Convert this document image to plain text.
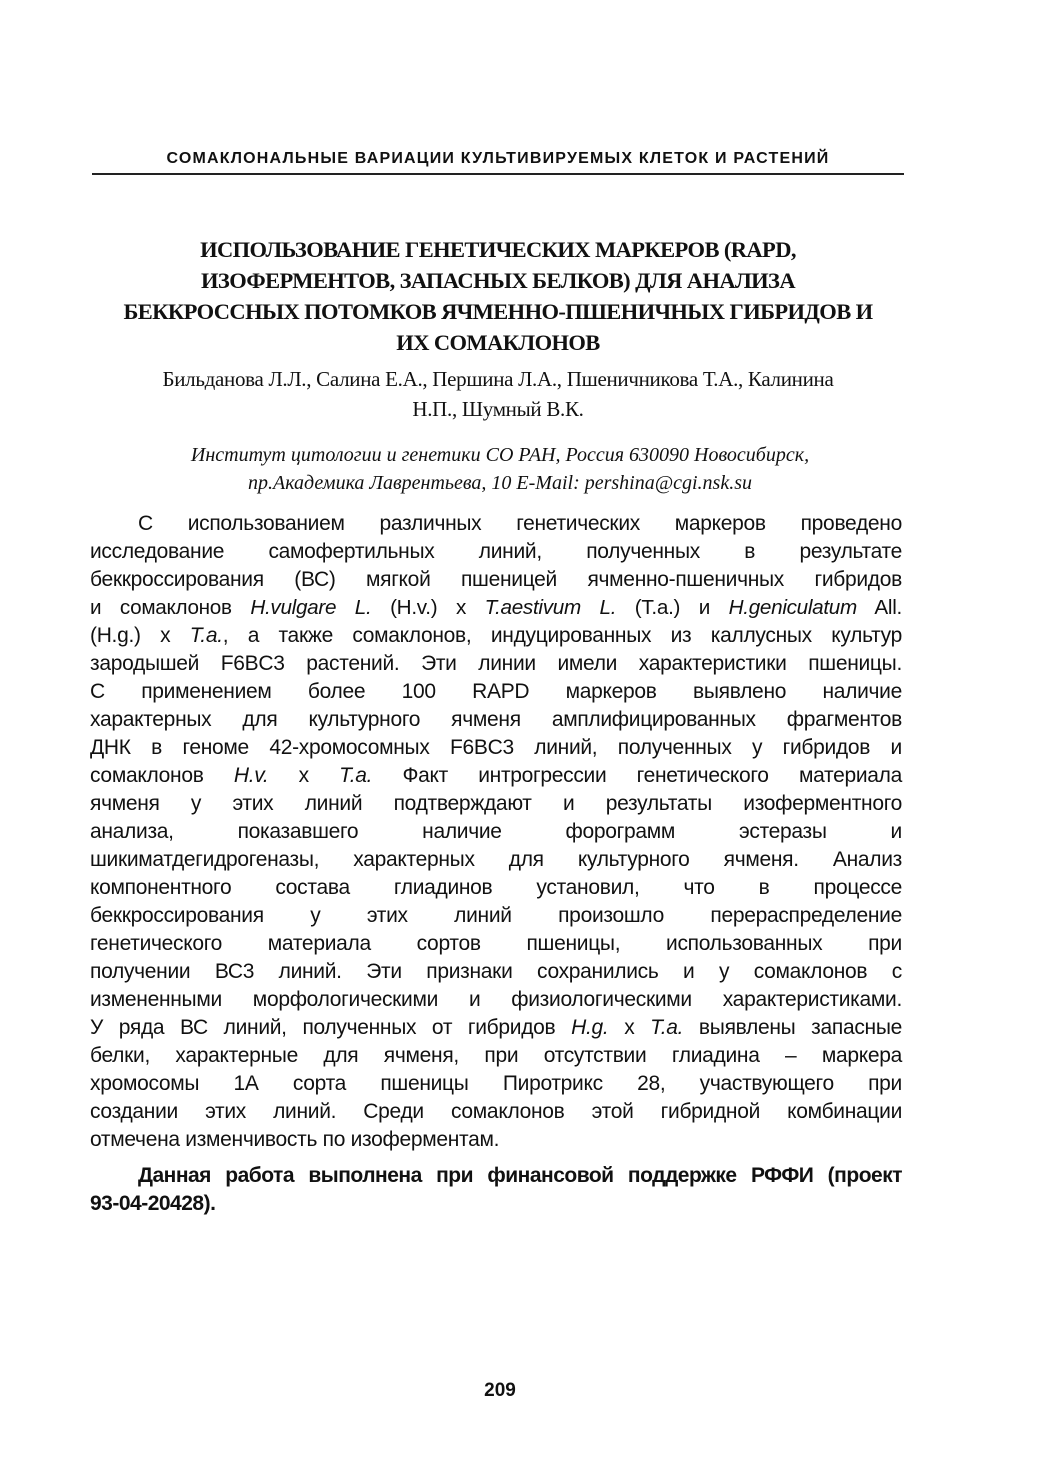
СОМАКЛОНАЛЬНЫЕ ВАРИАЦИИ КУЛЬТИВИРУЕМЫХ КЛЕТОК И РАСТЕНИЙ
ИСПОЛЬЗОВАНИЕ ГЕНЕТИЧЕСКИХ МАРКЕРОВ (RAPD,
ИЗОФЕРМЕНТОВ, ЗАПАСНЫХ БЕЛКОВ) ДЛЯ АНАЛИЗА
БЕККРОССНЫХ ПОТОМКОВ ЯЧМЕННО-ПШЕНИЧНЫХ ГИБРИДОВ И
ИХ СОМАКЛОНОВ
Бильданова Л.Л., Салина Е.А., Першина Л.А., Пшеничникова Т.А., Калинина
Н.П., Шумный В.К.
Институт цитологии и генетики СО РАН, Россия 630090 Новосибирск,
пр.Академика Лаврентьева, 10 E-Mail: pershina@cgi.nsk.su
С использованием различных генетических маркеров проведено
исследование самофертильных линий, полученных в результате
беккроссирования (ВС) мягкой пшеницей ячменно-пшеничных гибридов
и сомаклонов H.vulgare L. (H.v.) x T.aestivum L. (T.a.) и H.geniculatum All.
(H.g.) x T.a., а также сомаклонов, индуцированных из каллусных культур
зародышей F6BC3 растений. Эти линии имели характеристики пшеницы.
С применением более 100 RAPD маркеров выявлено наличие
характерных для культурного ячменя амплифицированных фрагментов
ДНК в геноме 42-хромосомных F6BC3 линий, полученных у гибридов и
сомаклонов H.v. x T.a. Факт интрогрессии генетического материала
ячменя у этих линий подтверждают и результаты изоферментного
анализа, показавшего наличие форограмм эстеразы и
шикиматдегидрогеназы, характерных для культурного ячменя. Анализ
компонентного состава глиадинов установил, что в процессе
беккроссирования у этих линий произошло перераспределение
генетического материала сортов пшеницы, использованных при
получении ВС3 линий. Эти признаки сохранились и у сомаклонов с
измененными морфологическими и физиологическими характеристиками.
У ряда ВС линий, полученных от гибридов H.g. x T.a. выявлены запасные
белки, характерные для ячменя, при отсутствии глиадина – маркера
хромосомы 1А сорта пшеницы Пиротрикс 28, участвующего при
создании этих линий. Среди сомаклонов этой гибридной комбинации
отмечена изменчивость по изоферментам.
Данная работа выполнена при финансовой поддержке РФФИ (проект
93-04-20428).
209
